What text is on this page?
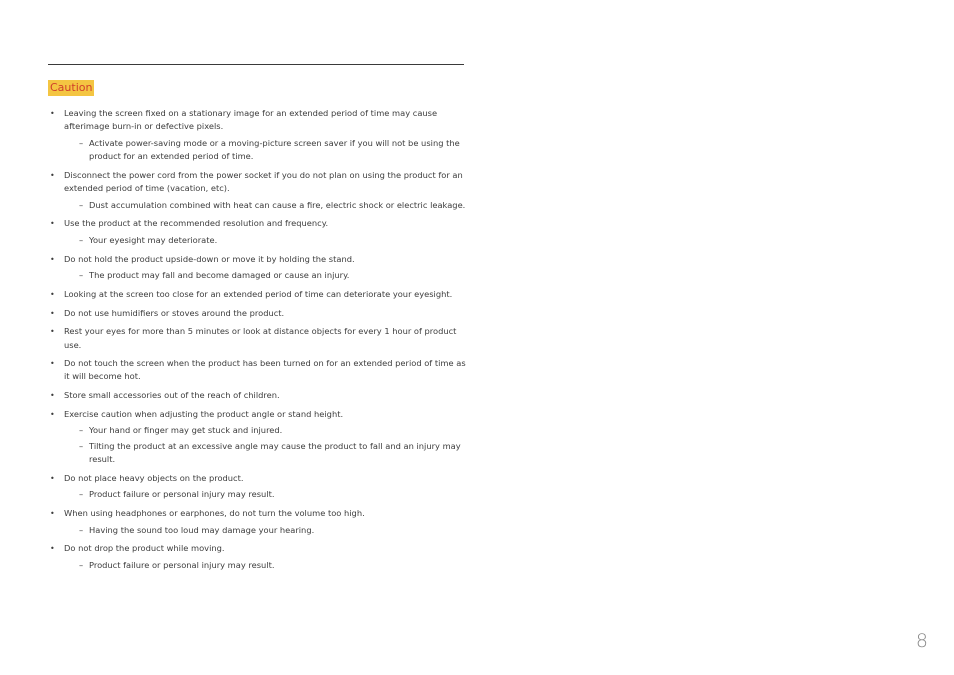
Caution
• Leaving the screen fixed on a stationary image for an extended period of time may cause afterimage burn-in or defective pixels.
– Activate power-saving mode or a moving-picture screen saver if you will not be using the product for an extended period of time.
• Disconnect the power cord from the power socket if you do not plan on using the product for an extended period of time (vacation, etc).
– Dust accumulation combined with heat can cause a fire, electric shock or electric leakage.
• Use the product at the recommended resolution and frequency.
– Your eyesight may deteriorate.
• Do not hold the product upside-down or move it by holding the stand.
– The product may fall and become damaged or cause an injury.
• Looking at the screen too close for an extended period of time can deteriorate your eyesight.
• Do not use humidifiers or stoves around the product.
• Rest your eyes for more than 5 minutes or look at distance objects for every 1 hour of product use.
• Do not touch the screen when the product has been turned on for an extended period of time as it will become hot.
• Store small accessories out of the reach of children.
• Exercise caution when adjusting the product angle or stand height.
– Your hand or finger may get stuck and injured.
– Tilting the product at an excessive angle may cause the product to fall and an injury may result.
• Do not place heavy objects on the product.
– Product failure or personal injury may result.
• When using headphones or earphones, do not turn the volume too high.
– Having the sound too loud may damage your hearing.
• Do not drop the product while moving.
– Product failure or personal injury may result.
8
